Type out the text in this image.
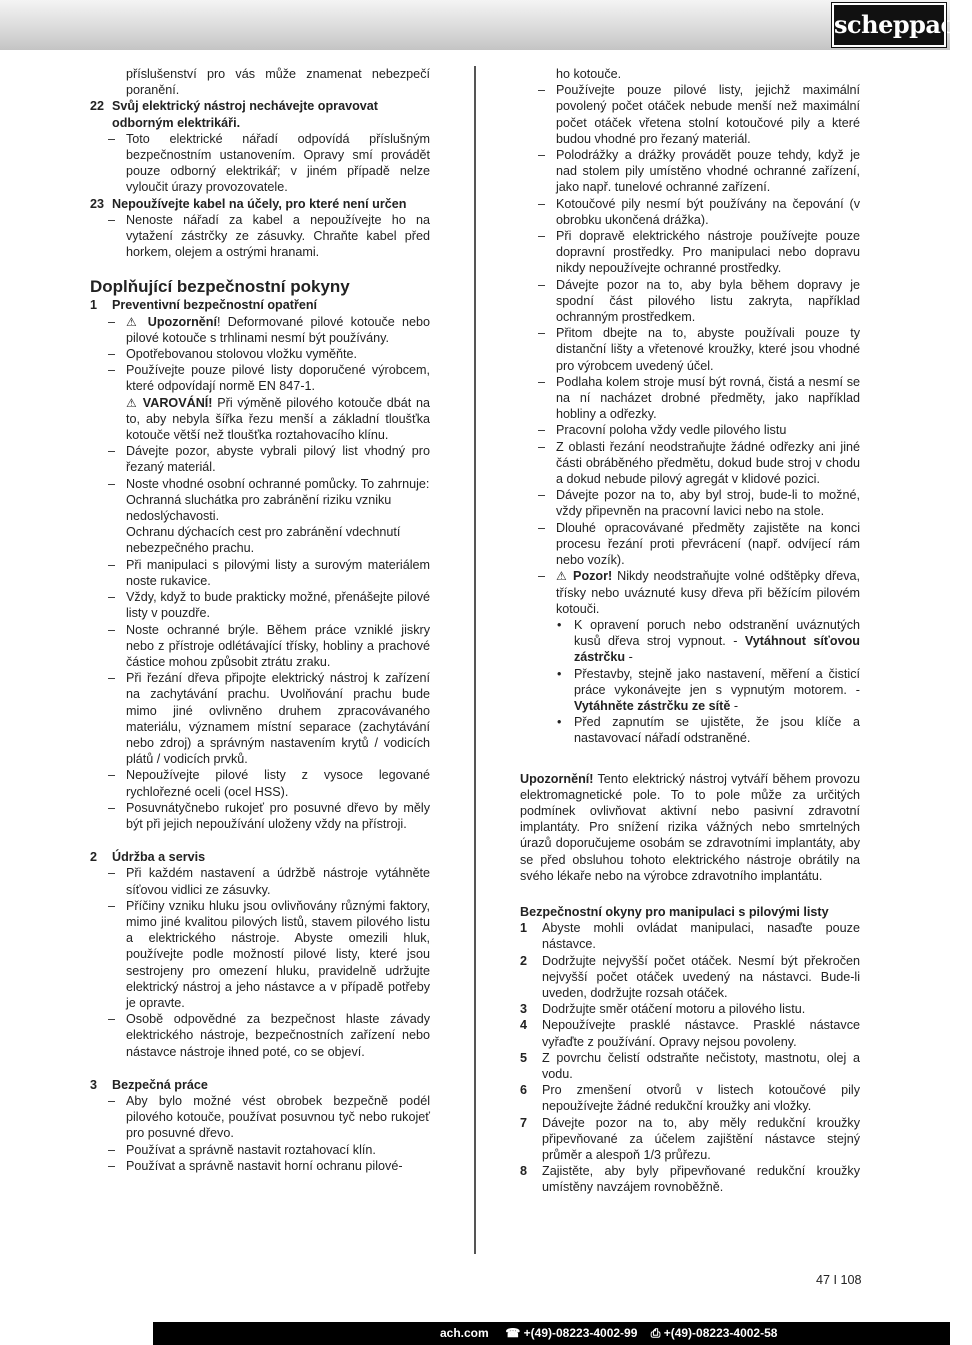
scheppach
příslušenství pro vás může znamenat nebezpečí poranění.
22 Svůj elektrický nástroj nechávejte opravovat odborným elektrikáři.
– Toto elektrické nářadí odpovídá příslušným bezpečnostním ustanovením. Opravy smí provádět pouze odborný elektrikář; v jiném případě nelze vyloučit úrazy provozovatele.
23 Nepoužívejte kabel na účely, pro které není určen
– Nenoste nářadí za kabel a nepoužívejte ho na vytažení zástrčky ze zásuvky. Chraňte kabel před horkem, olejem a ostrými hranami.
Doplňující bezpečnostní pokyny
1 Preventivní bezpečnostní opatření
– ⚠ Upozornění! Deformované pilové kotouče nebo pilové kotouče s trhlinami nesmí být používány.
– Opotřebovanou stolovou vložku vyměňte.
– Používejte pouze pilové listy doporučené výrobcem, které odpovídají normě EN 847-1.
⚠ VAROVÁNÍ! Při výměně pilového kotouče dbát na to, aby nebyla šířka řezu menší a základní tloušťka kotouče větší než tloušťka roztahovacího klínu.
– Dávejte pozor, abyste vybrali pilový list vhodný pro řezaný materiál.
– Noste vhodné osobní ochranné pomůcky. To zahrnuje:
Ochranná sluchátka pro zabránění riziku vzniku nedoslýchavosti.
Ochranu dýchacích cest pro zabránění vdechnutí nebezpečného prachu.
– Při manipulaci s pilovými listy a surovým materiálem noste rukavice.
– Vždy, když to bude prakticky možné, přenášejte pilové listy v pouzdře.
– Noste ochranné brýle. Během práce vzniklé jiskry nebo z přístroje odlétávající třísky, hobliny a prachové částice mohou způsobit ztrátu zraku.
– Při řezání dřeva připojte elektrický nástroj k zařízení na zachytávání prachu. Uvolňování prachu bude mimo jiné ovlivněno druhem zpracovávaného materiálu, významem místní separace (zachytávání nebo zdroj) a správným nastavením krytů / vodicích plátů / vodicích prvků.
– Nepoužívejte pilové listy z vysoce legované rychlořezné oceli (ocel HSS).
– Posuvnátyčnebo rukojeť pro posuvné dřevo by měly být při jejich nepoužívání uloženy vždy na přístroji.
2 Údržba a servis
– Při každém nastavení a údržbě nástroje vytáhněte síťovou vidlici ze zásuvky.
– Příčiny vzniku hluku jsou ovlivňovány různými faktory, mimo jiné kvalitou pilových listů, stavem pilového listu a elektrického nástroje. Abyste omezili hluk, používejte podle možností pilové listy, které jsou sestrojeny pro omezení hluku, pravidelně udržujte elektrický nástroj a jeho nástavce a v případě potřeby je opravte.
– Osobě odpovědné za bezpečnost hlaste závady elektrického nástroje, bezpečnostních zařízení nebo nástavce nástroje ihned poté, co se objeví.
3 Bezpečná práce
– Aby bylo možné vést obrobek bezpečně podél pilového kotouče, používat posuvnou tyč nebo rukojeť pro posuvné dřevo.
– Používat a správně nastavit roztahovací klín.
– Používat a správně nastavit horní ochranu pilové-
ho kotouče.
– Používejte pouze pilové listy, jejichž maximální povolený počet otáček nebude menší než maximální počet otáček vřetena stolní kotoučové pily a které budou vhodné pro řezaný materiál.
– Polodrážky a drážky provádět pouze tehdy, když je nad stolem pily umístěno vhodné ochranné zařízení, jako např. tunelové ochranné zařízení.
– Kotoučové pily nesmí být používány na čepování (v obrobku ukončená drážka).
– Při dopravě elektrického nástroje používejte pouze dopravní prostředky. Pro manipulaci nebo dopravu nikdy nepoužívejte ochranné prostředky.
– Dávejte pozor na to, aby byla během dopravy je spodní část pilového listu zakryta, například ochranným prostředkem.
– Přitom dbejte na to, abyste používali pouze ty distanční lišty a vřetenové kroužky, které jsou vhodné pro výrobcem uvedený účel.
– Podlaha kolem stroje musí být rovná, čistá a nesmí se na ní nacházet drobné předměty, jako například hobliny a odřezky.
– Pracovní poloha vždy vedle pilového listu
– Z oblasti řezání neodstraňujte žádné odřezky ani jiné části obráběného předmětu, dokud bude stroj v chodu a dokud nebude pilový agregát v klidové pozici.
– Dávejte pozor na to, aby byl stroj, bude-li to možné, vždy připevněn na pracovní lavici nebo na stole.
– Dlouhé opracovávané předměty zajistěte na konci procesu řezání proti převrácení (např. odvíjecí rám nebo vozík).
– ⚠ Pozor! Nikdy neodstraňujte volné odštěpky dřeva, třísky nebo uváznuté kusy dřeva při běžícím pilovém kotouči.
• K opravení poruch nebo odstranění uváznutých kusů dřeva stroj vypnout. - Vytáhnout síťovou zástrčku -
• Přestavby, stejně jako nastavení, měření a čisticí práce vykonávejte jen s vypnutým motorem. - Vytáhněte zástrčku ze sítě -
• Před zapnutím se ujistěte, že jsou klíče a nastavovací nářadí odstraněné.
Upozornění! Tento elektrický nástroj vytváří během provozu elektromagnetické pole. To to pole může za určitých podmínek ovlivňovat aktivní nebo pasivní zdravotní implantáty. Pro snížení rizika vážných nebo smrtelných úrazů doporučujeme osobám se zdravotními implantáty, aby se před obsluhou tohoto elektrického nástroje obrátily na svého lékaře nebo na výrobce zdravotního implantátu.
Bezpečnostní okyny pro manipulaci s pilovými listy
1 Abyste mohli ovládat manipulaci, nasaďte pouze nástavce.
2 Dodržujte nejvyšší počet otáček. Nesmí být překročen nejvyšší počet otáček uvedený na nástavci. Bude-li uveden, dodržujte rozsah otáček.
3 Dodržujte směr otáčení motoru a pilového listu.
4 Nepoužívejte prasklé nástavce. Prasklé nástavce vyřaďte z používání. Opravy nejsou povoleny.
5 Z povrchu čelistí odstraňte nečistoty, mastnotu, olej a vodu.
6 Pro zmenšení otvorů v listech kotoučové pily nepoužívejte žádné redukční kroužky ani vložky.
7 Dávejte pozor na to, aby měly redukční kroužky připevňované za účelem zajištění nástavce stejný průměr a alespoň 1/3 průřezu.
8 Zajistěte, aby byly připevňované redukční kroužky umístěny navzájem rovnoběžně.
47 I 108
ach.com ☎ +(49)-08223-4002-99 ⎙ +(49)-08223-4002-58
